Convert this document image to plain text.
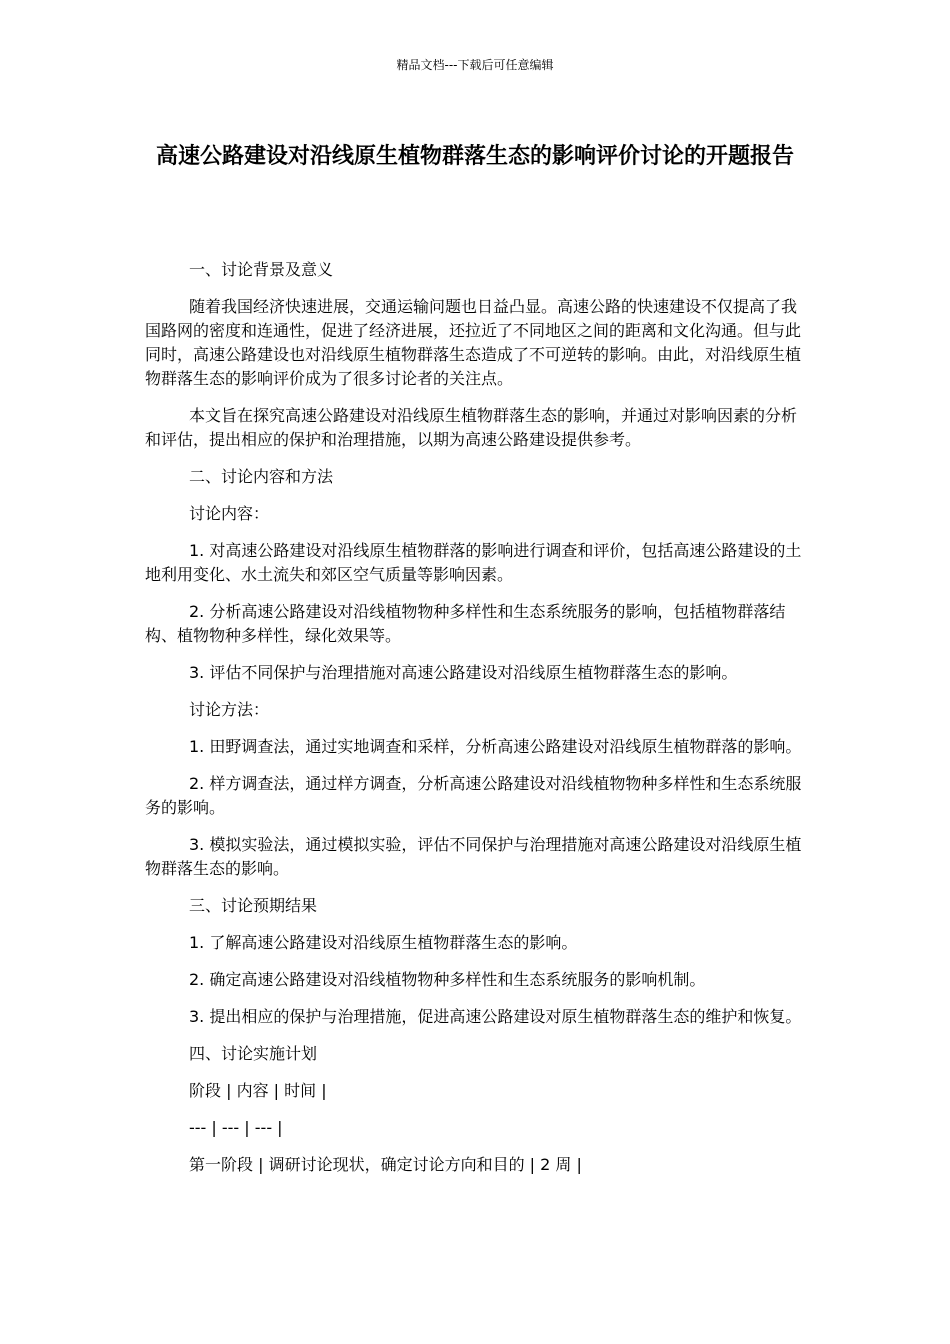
精品文档---下载后可任意编辑
高速公路建设对沿线原生植物群落生态的影响评价讨论的开题报告

一、讨论背景及意义

随着我国经济快速进展，交通运输问题也日益凸显。高速公路的快速建设不仅提高了我国路网的密度和连通性，促进了经济进展，还拉近了不同地区之间的距离和文化沟通。但与此同时，高速公路建设也对沿线原生植物群落生态造成了不可逆转的影响。由此，对沿线原生植物群落生态的影响评价成为了很多讨论者的关注点。

本文旨在探究高速公路建设对沿线原生植物群落生态的影响，并通过对影响因素的分析和评估，提出相应的保护和治理措施，以期为高速公路建设提供参考。

二、讨论内容和方法

讨论内容：

1. 对高速公路建设对沿线原生植物群落的影响进行调查和评价，包括高速公路建设的土地利用变化、水土流失和郊区空气质量等影响因素。

2. 分析高速公路建设对沿线植物物种多样性和生态系统服务的影响，包括植物群落结构、植物物种多样性，绿化效果等。

3. 评估不同保护与治理措施对高速公路建设对沿线原生植物群落生态的影响。

讨论方法：

1. 田野调查法，通过实地调查和采样，分析高速公路建设对沿线原生植物群落的影响。

2. 样方调查法，通过样方调查，分析高速公路建设对沿线植物物种多样性和生态系统服务的影响。

3. 模拟实验法，通过模拟实验，评估不同保护与治理措施对高速公路建设对沿线原生植物群落生态的影响。

三、讨论预期结果

1. 了解高速公路建设对沿线原生植物群落生态的影响。

2. 确定高速公路建设对沿线植物物种多样性和生态系统服务的影响机制。

3. 提出相应的保护与治理措施，促进高速公路建设对原生植物群落生态的维护和恢复。

四、讨论实施计划

阶段 | 内容 | 时间 |

--- | --- | --- |

第一阶段 | 调研讨论现状，确定讨论方向和目的 | 2 周 |
